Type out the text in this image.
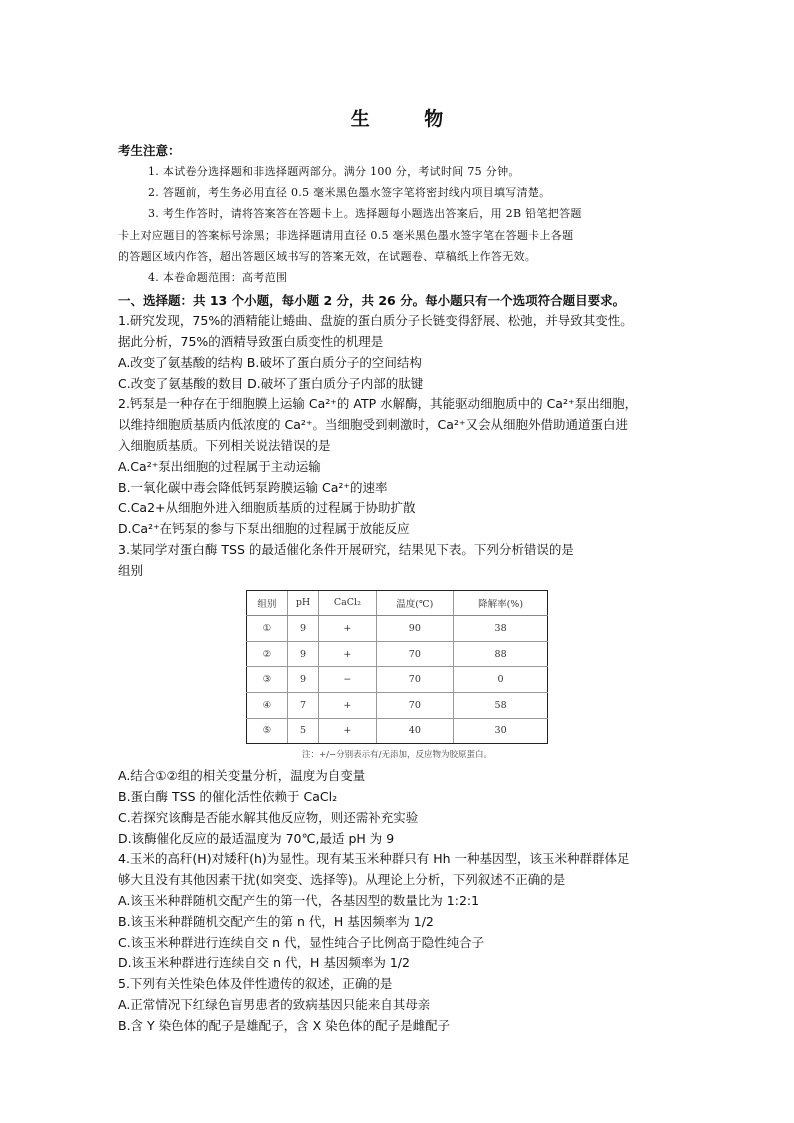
生 物
考生注意：
1. 本试卷分选择题和非选择题两部分。满分 100 分，考试时间 75 分钟。
2. 答题前，考生务必用直径 0.5 毫米黑色墨水签字笔将密封线内项目填写清楚。
3. 考生作答时，请将答案答在答题卡上。选择题每小题选出答案后，用 2B 铅笔把答题
卡上对应题目的答案标号涂黑；非选择题请用直径 0.5 毫米黑色墨水签字笔在答题卡上各题
的答题区域内作答，超出答题区域书写的答案无效，在试题卷、草稿纸上作答无效。
4. 本卷命题范围：高考范围
一、选择题：共 13 个小题，每小题 2 分，共 26 分。每小题只有一个选项符合题目要求。
1.研究发现，75%的酒精能让蜷曲、盘旋的蛋白质分子长链变得舒展、松弛，并导致其变性。
据此分析，75%的酒精导致蛋白质变性的机理是
A.改变了氨基酸的结构 B.破坏了蛋白质分子的空间结构
C.改变了氨基酸的数目 D.破坏了蛋白质分子内部的肽键
2.钙泵是一种存在于细胞膜上运输 Ca²⁺的 ATP 水解酶，其能驱动细胞质中的 Ca²⁺泵出细胞，
以维持细胞质基质内低浓度的 Ca²⁺。当细胞受到刺激时，Ca²⁺又会从细胞外借助通道蛋白进
入细胞质基质。下列相关说法错误的是
A.Ca²⁺泵出细胞的过程属于主动运输
B.一氧化碳中毒会降低钙泵跨膜运输 Ca²⁺的速率
C.Ca2+从细胞外进入细胞质基质的过程属于协助扩散
D.Ca²⁺在钙泵的参与下泵出细胞的过程属于放能反应
3.某同学对蛋白酶 TSS 的最适催化条件开展研究，结果见下表。下列分析错误的是
组别
组别	pH	CaCl₂	温度(℃)	降解率(%)
①	9	+	90	38
②	9	+	70	88
③	9	−	70	0
④	7	+	70	58
⑤	5	+	40	30
注：+/−分别表示有/无添加，反应物为胶原蛋白。
A.结合①②组的相关变量分析，温度为自变量
B.蛋白酶 TSS 的催化活性依赖于 CaCl₂
C.若探究该酶是否能水解其他反应物，则还需补充实验
D.该酶催化反应的最适温度为 70℃,最适 pH 为 9
4.玉米的高秆(H)对矮秆(h)为显性。现有某玉米种群只有 Hh 一种基因型，该玉米种群群体足
够大且没有其他因素干扰(如突变、选择等)。从理论上分析，下列叙述不正确的是
A.该玉米种群随机交配产生的第一代，各基因型的数量比为 1:2:1
B.该玉米种群随机交配产生的第 n 代，H 基因频率为 1/2
C.该玉米种群进行连续自交 n 代，显性纯合子比例高于隐性纯合子
D.该玉米种群进行连续自交 n 代，H 基因频率为 1/2
5.下列有关性染色体及伴性遗传的叙述，正确的是
A.正常情况下红绿色盲男患者的致病基因只能来自其母亲
B.含 Y 染色体的配子是雄配子，含 X 染色体的配子是雌配子
